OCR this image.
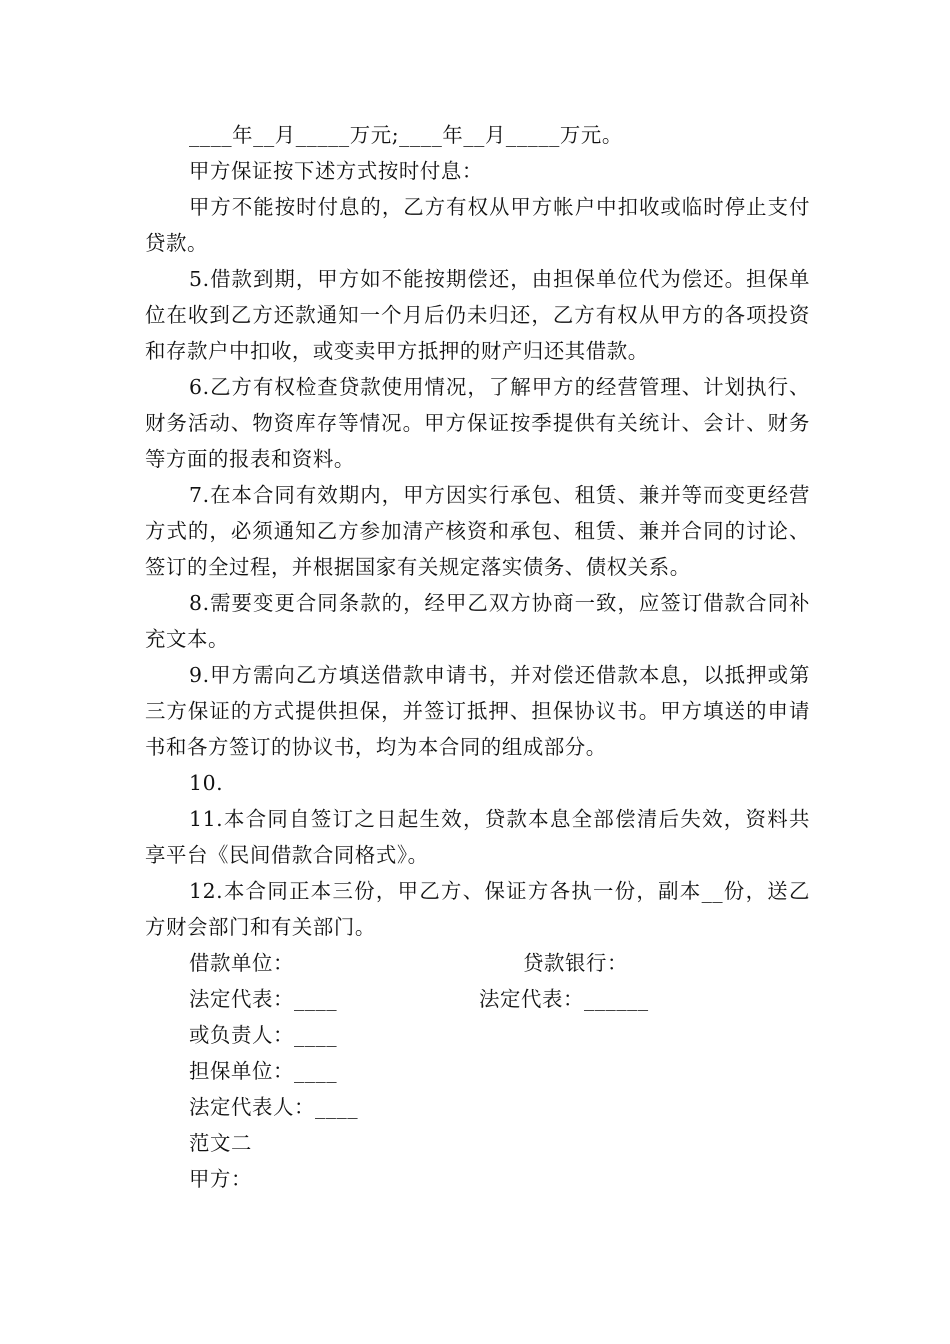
____年__月_____万元;____年__月_____万元。

甲方保证按下述方式按时付息：

甲方不能按时付息的，乙方有权从甲方帐户中扣收或临时停止支付贷款。

5.借款到期，甲方如不能按期偿还，由担保单位代为偿还。担保单位在收到乙方还款通知一个月后仍未归还，乙方有权从甲方的各项投资和存款户中扣收，或变卖甲方抵押的财产归还其借款。

6.乙方有权检查贷款使用情况，了解甲方的经营管理、计划执行、财务活动、物资库存等情况。甲方保证按季提供有关统计、会计、财务等方面的报表和资料。

7.在本合同有效期内，甲方因实行承包、租赁、兼并等而变更经营方式的，必须通知乙方参加清产核资和承包、租赁、兼并合同的讨论、签订的全过程，并根据国家有关规定落实债务、债权关系。

8.需要变更合同条款的，经甲乙双方协商一致，应签订借款合同补充文本。

9.甲方需向乙方填送借款申请书，并对偿还借款本息，以抵押或第三方保证的方式提供担保，并签订抵押、担保协议书。甲方填送的申请书和各方签订的协议书，均为本合同的组成部分。

10.

11.本合同自签订之日起生效，贷款本息全部偿清后失效，资料共享平台《民间借款合同格式》。

12.本合同正本三份，甲乙方、保证方各执一份，副本__份，送乙方财会部门和有关部门。

借款单位：	贷款银行：
法定代表：____	法定代表：______
或负责人：____
担保单位：____
法定代表人：____
范文二
甲方：
